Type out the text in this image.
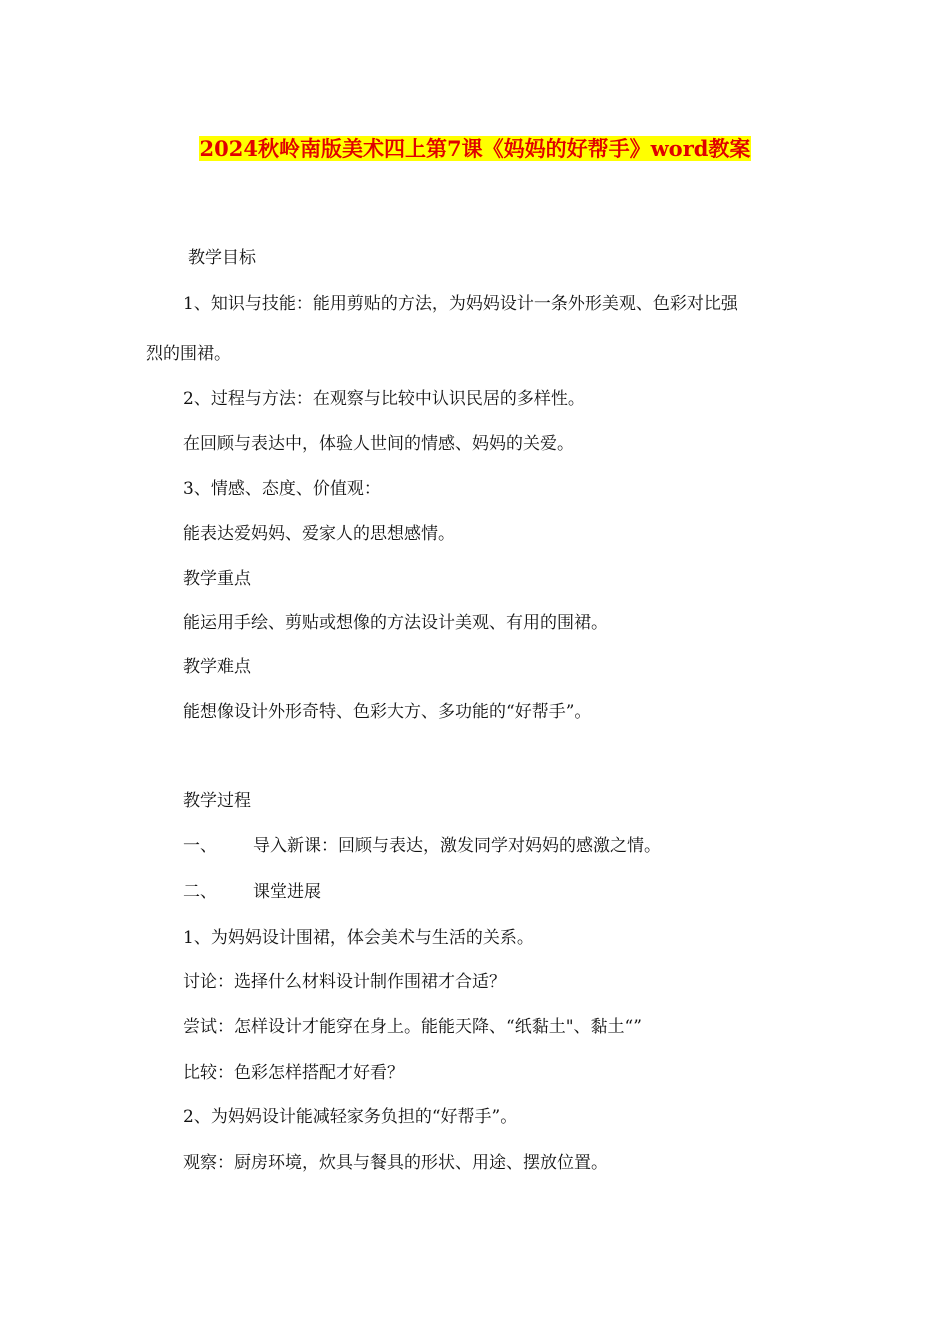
2024秋岭南版美术四上第7课《妈妈的好帮手》word教案
教学目标
1、知识与技能：能用剪贴的方法，为妈妈设计一条外形美观、色彩对比强
烈的围裙。
2、过程与方法：在观察与比较中认识民居的多样性。
在回顾与表达中，体验人世间的情感、妈妈的关爱。
3、情感、态度、价值观：
能表达爱妈妈、爱家人的思想感情。
教学重点
能运用手绘、剪贴或想像的方法设计美观、有用的围裙。
教学难点
能想像设计外形奇特、色彩大方、多功能的“好帮手”。
教学过程
一、 导入新课：回顾与表达，激发同学对妈妈的感激之情。
二、 课堂进展
1、为妈妈设计围裙，体会美术与生活的关系。
讨论：选择什么材料设计制作围裙才合适？
尝试：怎样设计才能穿在身上。能能天降、“纸黏土"、黏土“”
比较：色彩怎样搭配才好看？
2、为妈妈设计能减轻家务负担的“好帮手”。
观察：厨房环境，炊具与餐具的形状、用途、摆放位置。
